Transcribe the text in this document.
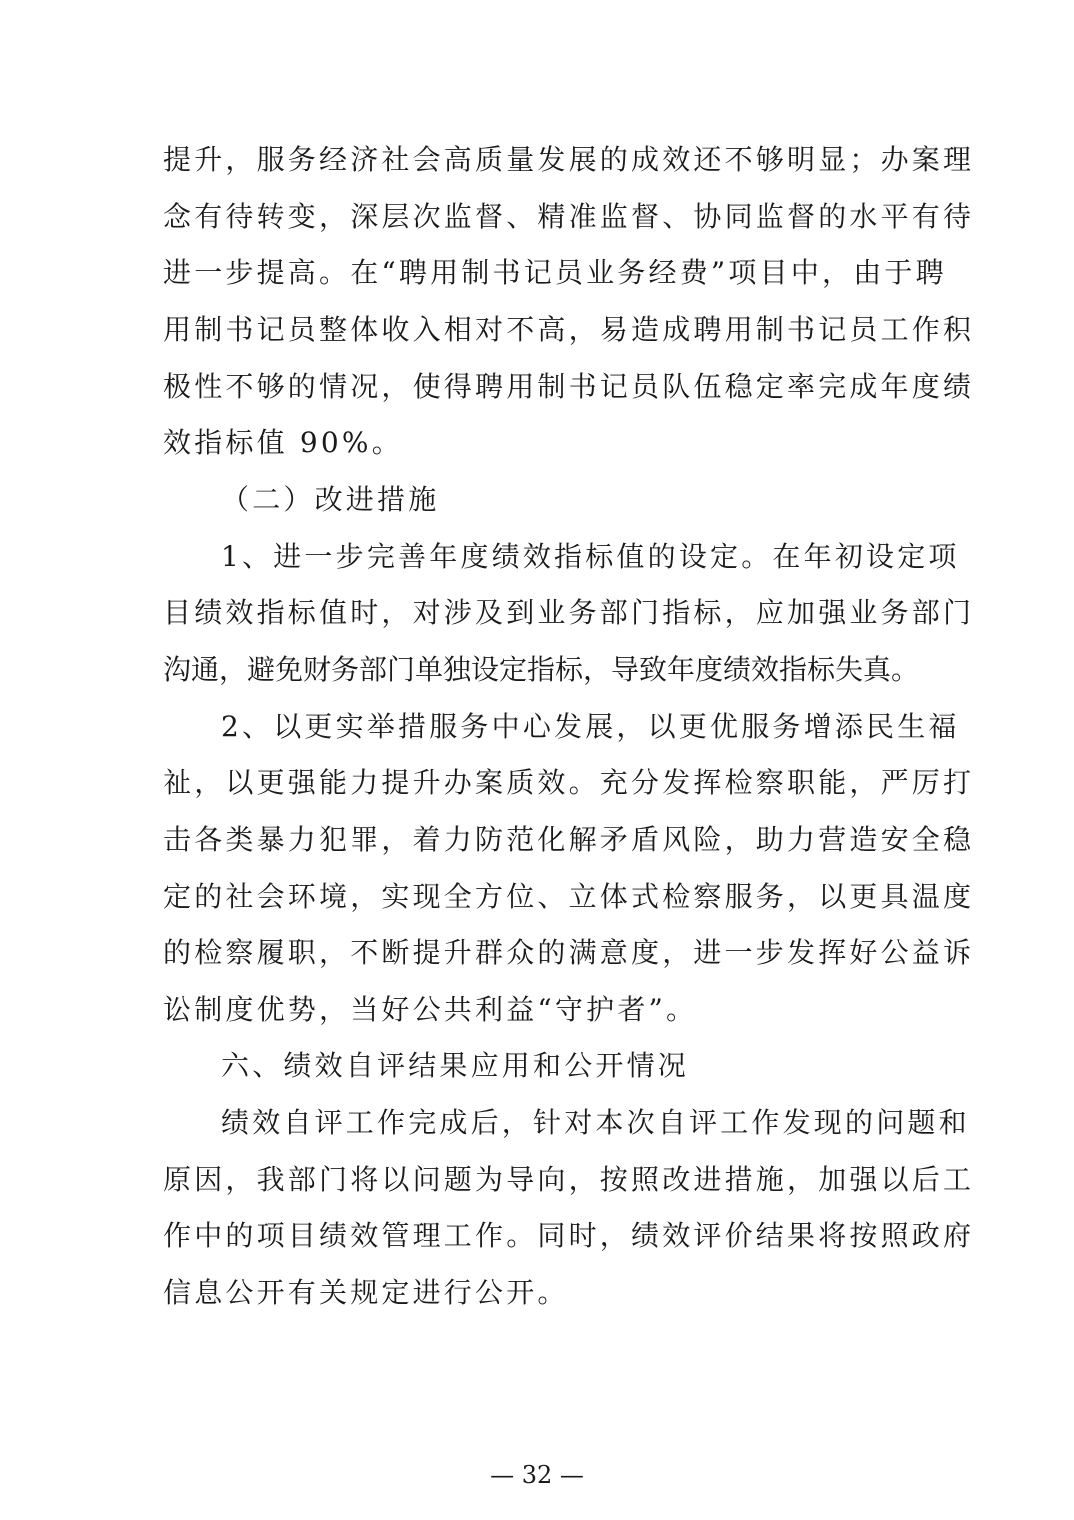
提升，服务经济社会高质量发展的成效还不够明显；办案理
念有待转变，深层次监督、精准监督、协同监督的水平有待
进一步提高。在“聘用制书记员业务经费”项目中，由于聘
用制书记员整体收入相对不高，易造成聘用制书记员工作积
极性不够的情况，使得聘用制书记员队伍稳定率完成年度绩
效指标值 90%。
（二）改进措施
1、进一步完善年度绩效指标值的设定。在年初设定项
目绩效指标值时，对涉及到业务部门指标，应加强业务部门
沟通，避免财务部门单独设定指标，导致年度绩效指标失真。
2、以更实举措服务中心发展，以更优服务增添民生福
祉，以更强能力提升办案质效。充分发挥检察职能，严厉打
击各类暴力犯罪，着力防范化解矛盾风险，助力营造安全稳
定的社会环境，实现全方位、立体式检察服务，以更具温度
的检察履职，不断提升群众的满意度，进一步发挥好公益诉
讼制度优势，当好公共利益“守护者”。
六、绩效自评结果应用和公开情况
绩效自评工作完成后，针对本次自评工作发现的问题和
原因，我部门将以问题为导向，按照改进措施，加强以后工
作中的项目绩效管理工作。同时，绩效评价结果将按照政府
信息公开有关规定进行公开。
— 32 —
